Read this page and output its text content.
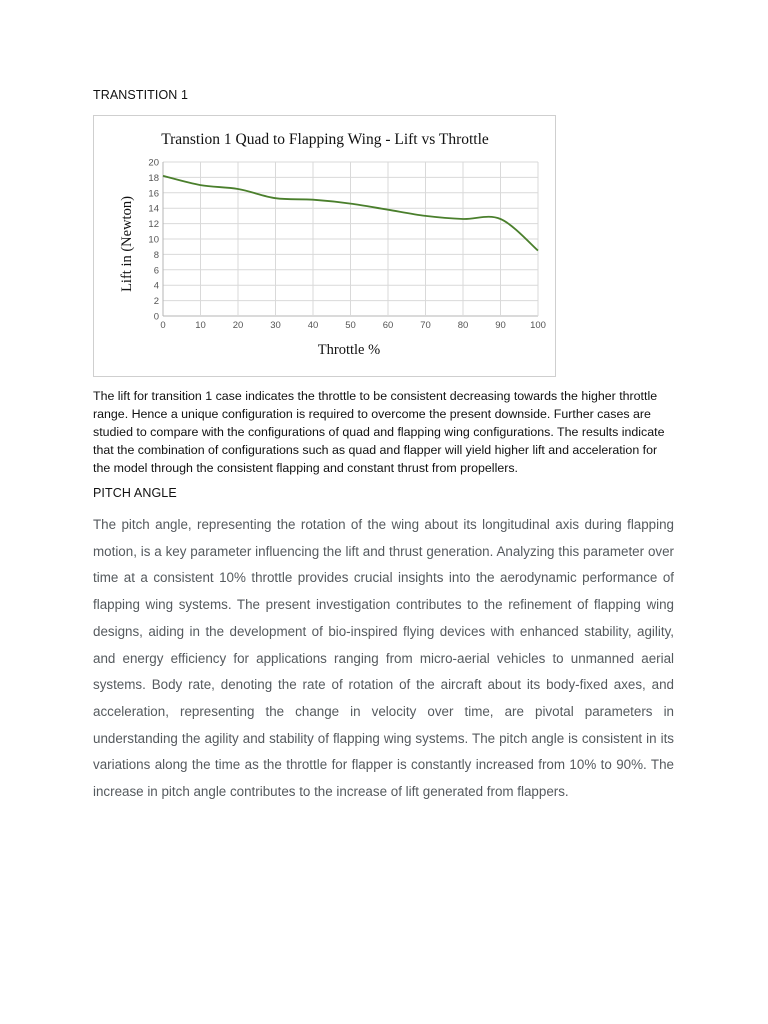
TRANSTITION 1
Transtion 1 Quad to Flapping Wing - Lift vs Throttle
0
2
4
6
8
10
12
14
16
18
20
0	10	20	30	40	50	60	70	80	90	100
Throttle %
Lift in (Newton)
The lift for transition 1 case indicates the throttle to be consistent decreasing towards the higher throttle range. Hence a unique configuration is required to overcome the present downside. Further cases are studied to compare with the configurations of quad and flapping wing configurations. The results indicate that the combination of configurations such as quad and flapper will yield higher lift and acceleration for the model through the consistent flapping and constant thrust from propellers.
PITCH ANGLE
The pitch angle, representing the rotation of the wing about its longitudinal axis during flapping motion, is a key parameter influencing the lift and thrust generation. Analyzing this parameter over time at a consistent 10% throttle provides crucial insights into the aerodynamic performance of flapping wing systems. The present investigation contributes to the refinement of flapping wing designs, aiding in the development of bio-inspired flying devices with enhanced stability, agility, and energy efficiency for applications ranging from micro-aerial vehicles to unmanned aerial systems. Body rate, denoting the rate of rotation of the aircraft about its body-fixed axes, and acceleration, representing the change in velocity over time, are pivotal parameters in understanding the agility and stability of flapping wing systems. The pitch angle is consistent in its variations along the time as the throttle for flapper is constantly increased from 10% to 90%. The increase in pitch angle contributes to the increase of lift generated from flappers.
